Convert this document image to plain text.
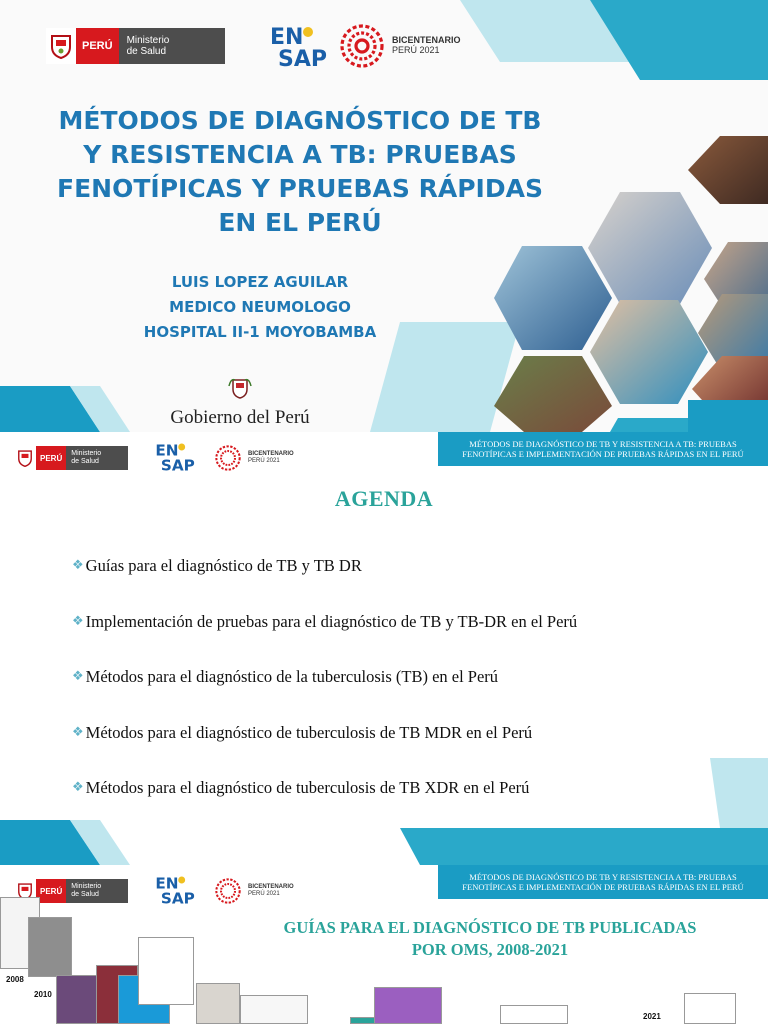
PERÚ	Ministerio
de Salud
EN
SAP
BICENTENARIO
PERÚ 2021
MÉTODOS DE DIAGNÓSTICO DE TB
Y RESISTENCIA A TB: PRUEBAS
FENOTÍPICAS Y PRUEBAS RÁPIDAS
EN EL PERÚ
LUIS LOPEZ AGUILAR
MEDICO NEUMOLOGO
HOSPITAL II-1 MOYOBAMBA
Gobierno del Perú
PERÚ	Ministerio
de Salud
EN
SAP
BICENTENARIO
PERÚ 2021
MÉTODOS DE DIAGNÓSTICO DE TB Y RESISTENCIA A TB: PRUEBAS
FENOTÍPICAS E IMPLEMENTACIÓN DE PRUEBAS RÁPIDAS EN EL PERÚ
AGENDA
❖ Guías para el diagnóstico de TB y TB DR
❖ Implementación de pruebas para el diagnóstico de TB y TB-DR en el Perú
❖ Métodos para el diagnóstico de la tuberculosis (TB) en el Perú
❖ Métodos para el diagnóstico de tuberculosis de TB MDR en el Perú
❖ Métodos para el diagnóstico de tuberculosis de TB XDR en el Perú
PERÚ	Ministerio
de Salud
EN
SAP
BICENTENARIO
PERÚ 2021
MÉTODOS DE DIAGNÓSTICO DE TB Y RESISTENCIA A TB: PRUEBAS
FENOTÍPICAS E IMPLEMENTACIÓN DE PRUEBAS RÁPIDAS EN EL PERÚ
GUÍAS PARA EL DIAGNÓSTICO DE TB PUBLICADAS
POR OMS, 2008-2021
2008
2010
2021
